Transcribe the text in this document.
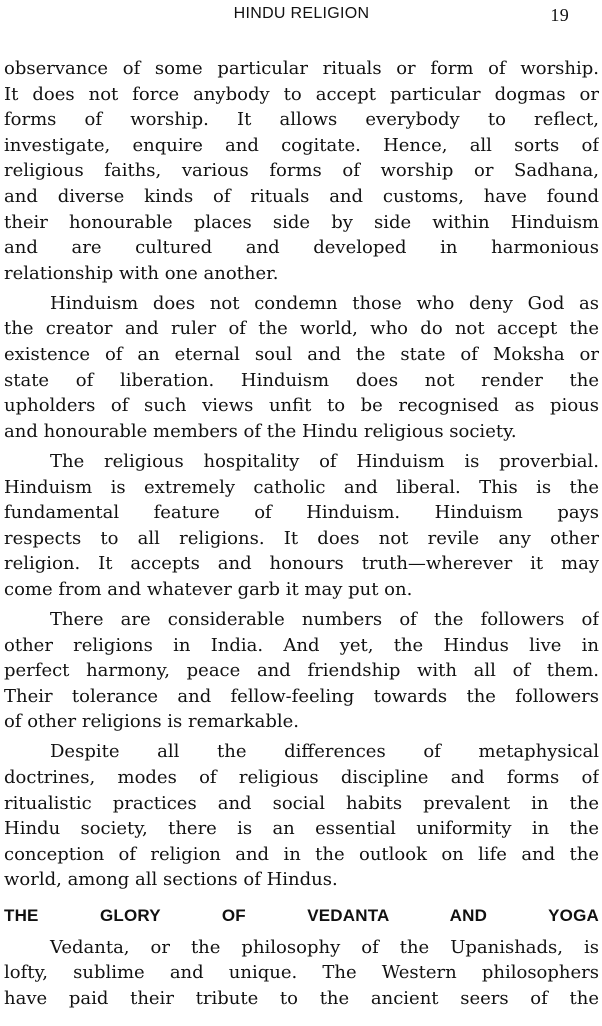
HINDU RELIGION	19
observance of some particular rituals or form of worship.
It does not force anybody to accept particular dogmas or
forms of worship. It allows everybody to reflect,
investigate, enquire and cogitate. Hence, all sorts of
religious faiths, various forms of worship or Sadhana,
and diverse kinds of rituals and customs, have found
their honourable places side by side within Hinduism
and are cultured and developed in harmonious
relationship with one another.
Hinduism does not condemn those who deny God as
the creator and ruler of the world, who do not accept the
existence of an eternal soul and the state of Moksha or
state of liberation. Hinduism does not render the
upholders of such views unfit to be recognised as pious
and honourable members of the Hindu religious society.
The religious hospitality of Hinduism is proverbial.
Hinduism is extremely catholic and liberal. This is the
fundamental feature of Hinduism. Hinduism pays
respects to all religions. It does not revile any other
religion. It accepts and honours truth—wherever it may
come from and whatever garb it may put on.
There are considerable numbers of the followers of
other religions in India. And yet, the Hindus live in
perfect harmony, peace and friendship with all of them.
Their tolerance and fellow-feeling towards the followers
of other religions is remarkable.
Despite all the differences of metaphysical
doctrines, modes of religious discipline and forms of
ritualistic practices and social habits prevalent in the
Hindu society, there is an essential uniformity in the
conception of religion and in the outlook on life and the
world, among all sections of Hindus.
THE GLORY OF VEDANTA AND YOGA
Vedanta, or the philosophy of the Upanishads, is
lofty, sublime and unique. The Western philosophers
have paid their tribute to the ancient seers of the
